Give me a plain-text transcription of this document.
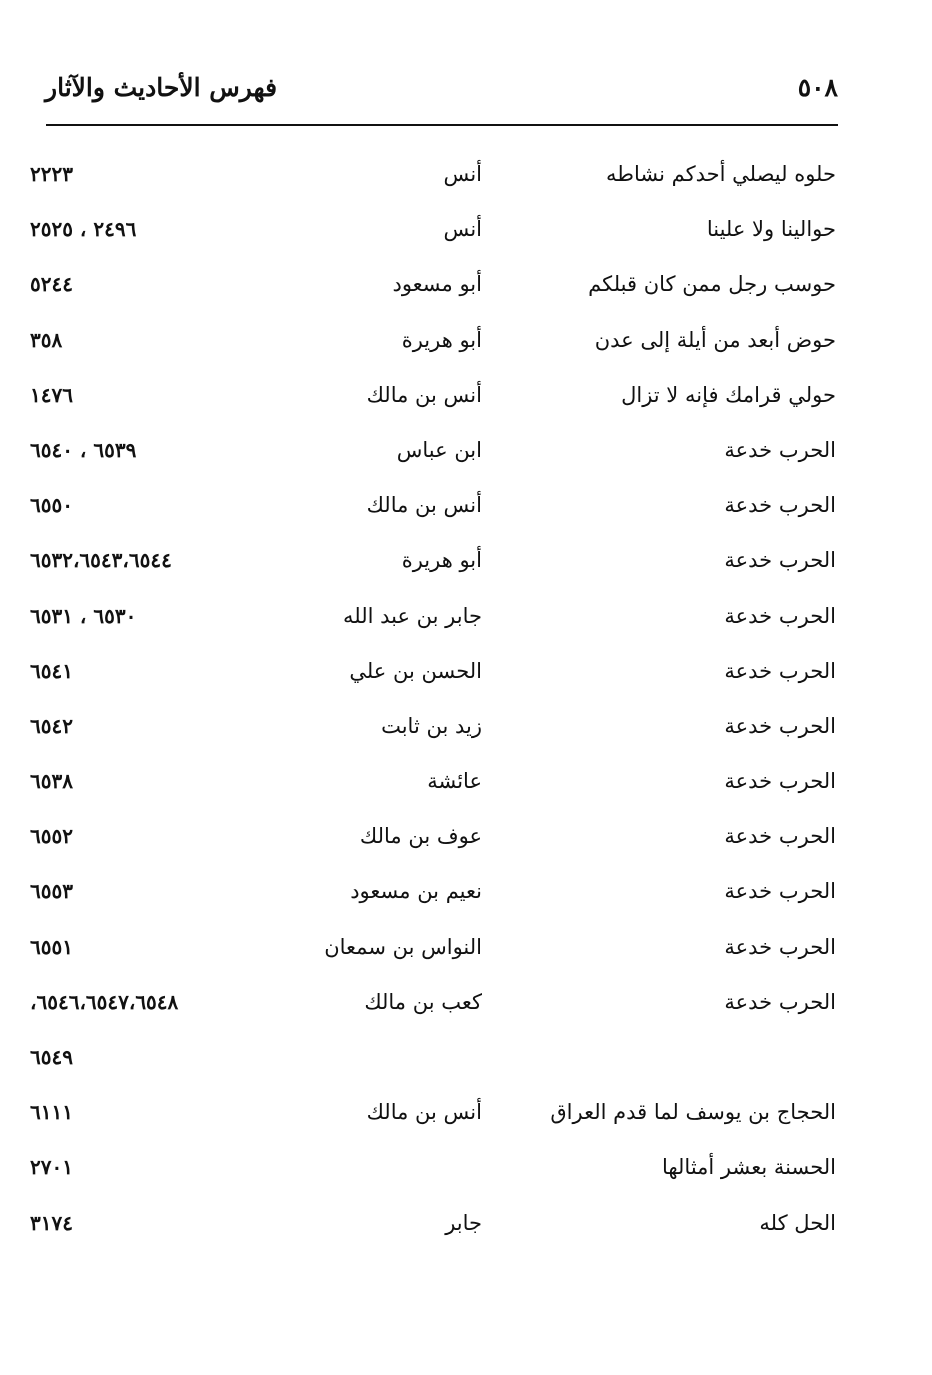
فهرس الأحاديث والآثار	٥٠٨
حلوه ليصلي أحدكم نشاطه
أنس
٢٢٢٣
حوالينا ولا علينا
أنس
٢٤٩٦ ، ٢٥٢٥
حوسب رجل ممن كان قبلكم
أبو مسعود
٥٢٤٤
حوض أبعد من أيلة إلى عدن
أبو هريرة
٣٥٨
حولي قرامك فإنه لا تزال
أنس بن مالك
١٤٧٦
الحرب خدعة
ابن عباس
٦٥٣٩ ، ٦٥٤٠
الحرب خدعة
أنس بن مالك
٦٥٥٠
الحرب خدعة
أبو هريرة
٦٥٣٢،٦٥٤٣،٦٥٤٤
الحرب خدعة
جابر بن عبد الله
٦٥٣٠ ، ٦٥٣١
الحرب خدعة
الحسن بن علي
٦٥٤١
الحرب خدعة
زيد بن ثابت
٦٥٤٢
الحرب خدعة
عائشة
٦٥٣٨
الحرب خدعة
عوف بن مالك
٦٥٥٢
الحرب خدعة
نعيم بن مسعود
٦٥٥٣
الحرب خدعة
النواس بن سمعان
٦٥٥١
الحرب خدعة
كعب بن مالك
٦٥٤٦،٦٥٤٧،٦٥٤٨،
٦٥٤٩
الحجاج بن يوسف لما قدم العراق
أنس بن مالك
٦١١١
الحسنة بعشر أمثالها
٢٧٠١
الحل كله
جابر
٣١٧٤
